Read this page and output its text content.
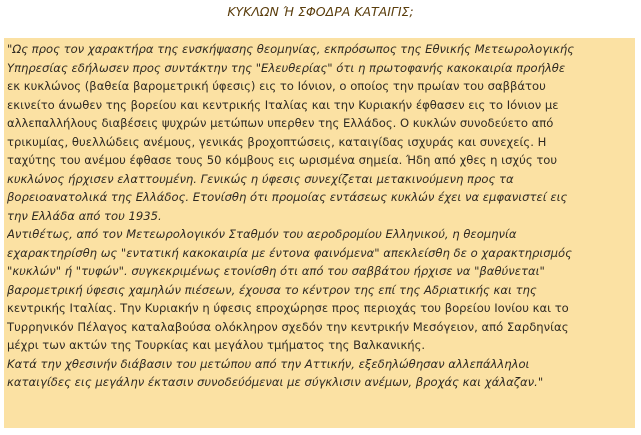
ΚΥΚΛΩΝ Ή ΣΦΟΔΡΑ ΚΑΤΑΙΓΙΣ;
"Ως προς τον χαρακτήρα της ενσκήψασης θεομηνίας, εκπρόσωπος της Εθνικής Μετεωρολογικής
Υπηρεσίας εδήλωσεν προς συντάκτην της "Ελευθερίας" ότι η πρωτοφανής κακοκαιρία προήλθε
εκ κυκλώνος (βαθεία βαρομετρική ύφεσις) εις το Ιόνιον, ο οποίος την πρωίαν του σαββάτου
εκινείτο άνωθεν της βορείου και κεντρικής Ιταλίας και την Κυριακήν έφθασεν εις το Ιόνιον με
αλλεπαλλήλους διαβέσεις ψυχρών μετώπων υπερθεν της Ελλάδος. Ο κυκλών συνοδεύετο από
τρικυμίας, θυελλώδεις ανέμους, γενικάς βροχοπτώσεις, καταιγίδας ισχυράς και συνεχείς. Η
ταχύτης του ανέμου έφθασε τους 50 κόμβους εις ωρισμένα σημεία. Ήδη από χθες η ισχύς του
κυκλώνος ήρχισεν ελαττουμένη. Γενικώς η ύφεσις συνεχίζεται μετακινούμενη προς τα
βορειοανατολικά της Ελλάδος. Ετονίσθη ότι προμοίας εντάσεως κυκλών έχει να εμφανιστεί εις
την Ελλάδα από του 1935.
Αντιθέτως, από τον Μετεωρολογικόν Σταθμόν του αεροδρομίου Ελληνικού, η θεομηνία
εχαρακτηρίσθη ως "εντατική κακοκαιρία με έντονα φαινόμενα" απεκλείσθη δε ο χαρακτηρισμός
"κυκλών" ή "τυφών". συγκεκριμένως ετονίσθη ότι από του σαββάτου ήρχισε να "βαθύνεται"
βαρομετρική ύφεσις χαμηλών πιέσεων, έχουσα το κέντρον της επί της Αδριατικής και της
κεντρικής Ιταλίας. Την Κυριακήν η ύφεσις επροχώρησε προς περιοχάς του βορείου Ιονίου και το
Τυρρηνικόν Πέλαγος καταλαβούσα ολόκληρον σχεδόν την κεντρικήν Μεσόγειον, από Σαρδηνίας
μέχρι των ακτών της Τουρκίας και μεγάλου τμήματος της Βαλκανικής.
Κατά την χθεσινήν διάβασιν του μετώπου από την Αττικήν, εξεδηλώθησαν αλλεπάλληλοι
καταιγίδες εις μεγάλην έκτασιν συνοδεύόμεναι με σύγκλισιν ανέμων, βροχάς και χάλαζαν."
